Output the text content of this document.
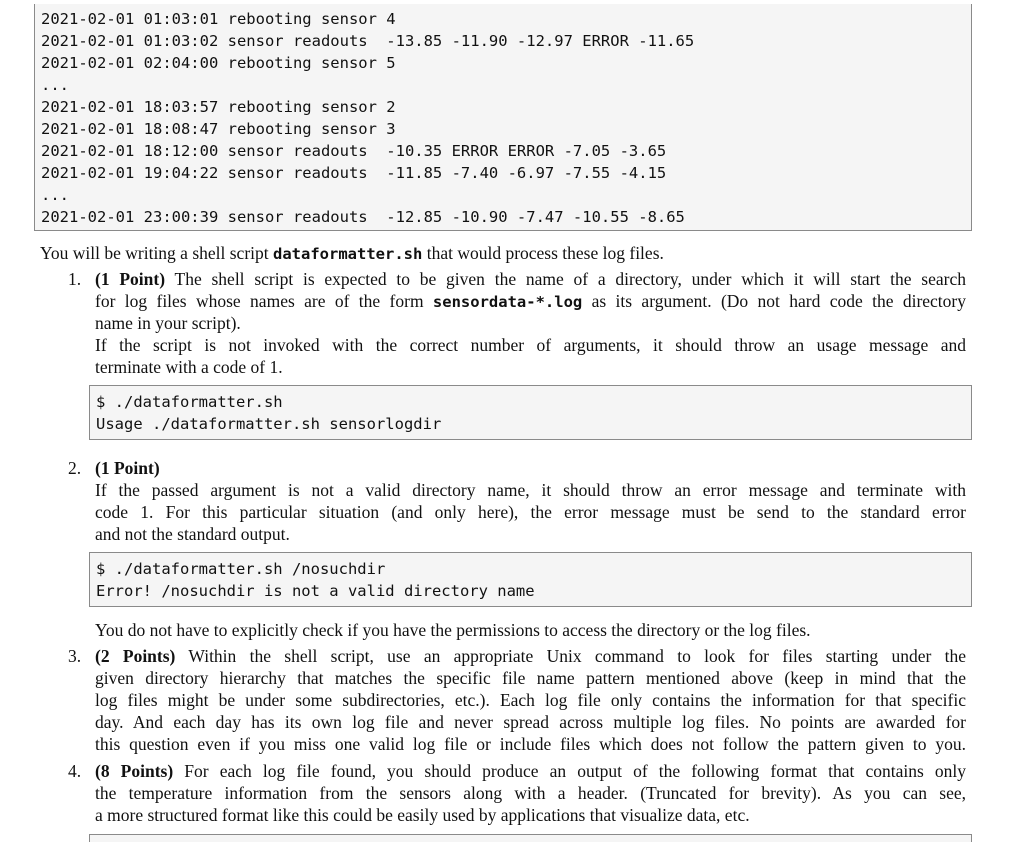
2021-02-01 01:03:01 rebooting sensor 4
2021-02-01 01:03:02 sensor readouts  -13.85 -11.90 -12.97 ERROR -11.65
2021-02-01 02:04:00 rebooting sensor 5
...
2021-02-01 18:03:57 rebooting sensor 2
2021-02-01 18:08:47 rebooting sensor 3
2021-02-01 18:12:00 sensor readouts  -10.35 ERROR ERROR -7.05 -3.65
2021-02-01 19:04:22 sensor readouts  -11.85 -7.40 -6.97 -7.55 -4.15
...
2021-02-01 23:00:39 sensor readouts  -12.85 -10.90 -7.47 -10.55 -8.65
You will be writing a shell script dataformatter.sh that would process these log files.
1. (1 Point) The shell script is expected to be given the name of a directory, under which it will start the search
for log files whose names are of the form sensordata-*.log as its argument. (Do not hard code the directory
name in your script).
If the script is not invoked with the correct number of arguments, it should throw an usage message and
terminate with a code of 1.
$ ./dataformatter.sh
Usage ./dataformatter.sh sensorlogdir
2. (1 Point)
If the passed argument is not a valid directory name, it should throw an error message and terminate with
code 1. For this particular situation (and only here), the error message must be send to the standard error
and not the standard output.
$ ./dataformatter.sh /nosuchdir
Error! /nosuchdir is not a valid directory name
You do not have to explicitly check if you have the permissions to access the directory or the log files.
3. (2 Points) Within the shell script, use an appropriate Unix command to look for files starting under the
given directory hierarchy that matches the specific file name pattern mentioned above (keep in mind that the
log files might be under some subdirectories, etc.). Each log file only contains the information for that specific
day. And each day has its own log file and never spread across multiple log files. No points are awarded for
this question even if you miss one valid log file or include files which does not follow the pattern given to you.
4. (8 Points) For each log file found, you should produce an output of the following format that contains only
the temperature information from the sensors along with a header. (Truncated for brevity). As you can see,
a more structured format like this could be easily used by applications that visualize data, etc.
